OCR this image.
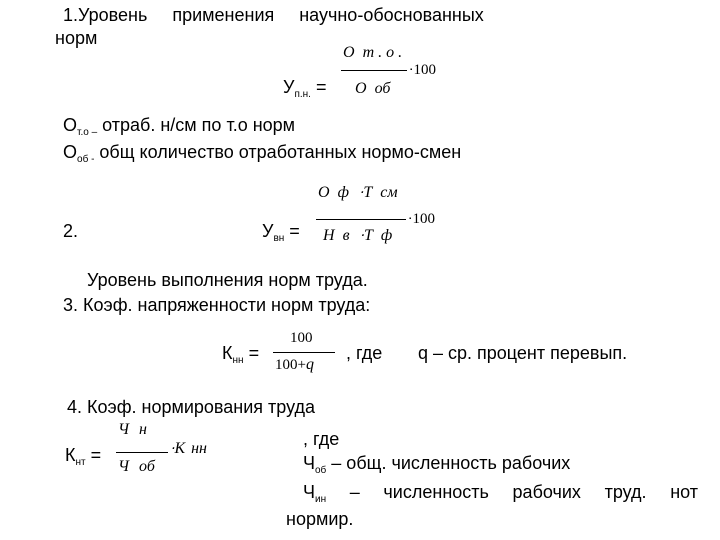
1.Уровень применения научно-обоснованных
норм
$У_{п.н.}$ =
О т . о .
О об
⋅100
$О_{т.о -}$ отраб. н/см по т.о норм
$О_{об -}$ общ количество отработанных нормо-смен
2.	$У_{вн}$ =
О ф ⋅Т см
Н в ⋅Т ф
⋅100
Уровень выполнения норм труда.
3. Коэф. напряженности норм труда:
$К_{нн}$ =
100
100+q
, где q – ср. процент перевып.
4. Коэф. нормирования труда
$К_{нт}$ =
Ч н
Ч об
⋅К нн	, где
$Ч_{об}$ – общ. численность рабочих
$Ч_{ин}$ – численность рабочих труд. нот
нормир.
